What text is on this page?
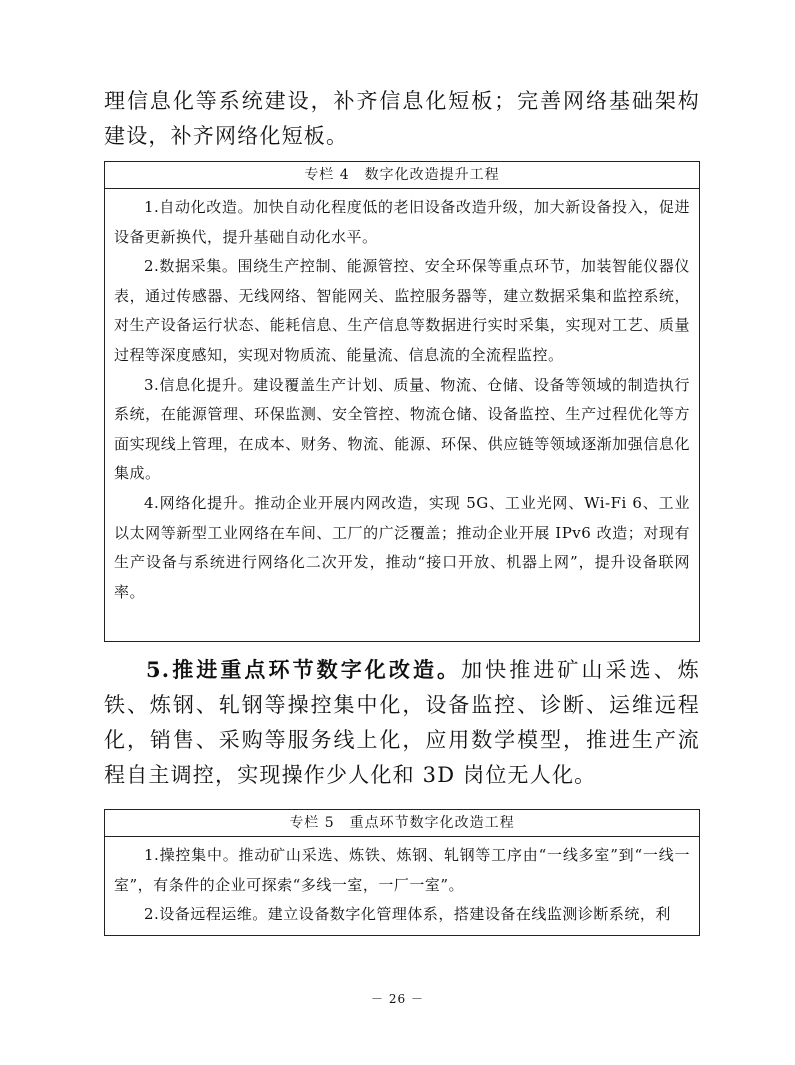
理信息化等系统建设，补齐信息化短板；完善网络基础架构建设，补齐网络化短板。

专栏 4　数字化改造提升工程

1.自动化改造。加快自动化程度低的老旧设备改造升级，加大新设备投入，促进设备更新换代，提升基础自动化水平。

2.数据采集。围绕生产控制、能源管控、安全环保等重点环节，加装智能仪器仪表，通过传感器、无线网络、智能网关、监控服务器等，建立数据采集和监控系统，对生产设备运行状态、能耗信息、生产信息等数据进行实时采集，实现对工艺、质量过程等深度感知，实现对物质流、能量流、信息流的全流程监控。

3.信息化提升。建设覆盖生产计划、质量、物流、仓储、设备等领域的制造执行系统，在能源管理、环保监测、安全管控、物流仓储、设备监控、生产过程优化等方面实现线上管理，在成本、财务、物流、能源、环保、供应链等领域逐渐加强信息化集成。

4.网络化提升。推动企业开展内网改造，实现 5G、工业光网、Wi-Fi 6、工业以太网等新型工业网络在车间、工厂的广泛覆盖；推动企业开展 IPv6 改造；对现有生产设备与系统进行网络化二次开发，推动“接口开放、机器上网”，提升设备联网率。

5.推进重点环节数字化改造。加快推进矿山采选、炼铁、炼钢、轧钢等操控集中化，设备监控、诊断、运维远程化，销售、采购等服务线上化，应用数学模型，推进生产流程自主调控，实现操作少人化和 3D 岗位无人化。

专栏 5　重点环节数字化改造工程

1.操控集中。推动矿山采选、炼铁、炼钢、轧钢等工序由“一线多室”到“一线一室”，有条件的企业可探索“多线一室，一厂一室”。

2.设备远程运维。建立设备数字化管理体系，搭建设备在线监测诊断系统，利

－ 26 －
